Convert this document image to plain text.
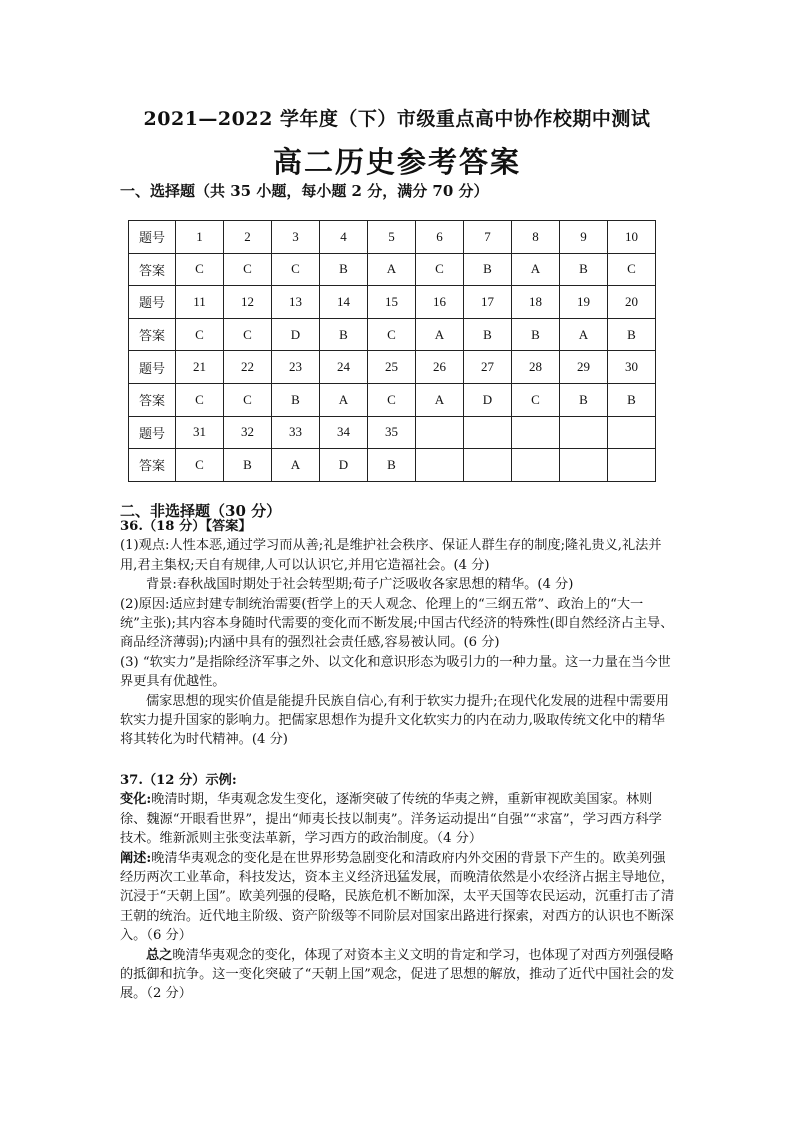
2021—2022 学年度（下）市级重点高中协作校期中测试
高二历史参考答案
一、选择题（共 35 小题，每小题 2 分，满分 70 分）
题号	1	2	3	4	5	6	7	8	9	10
答案	C	C	C	B	A	C	B	A	B	C
题号	11	12	13	14	15	16	17	18	19	20
答案	C	C	D	B	C	A	B	B	A	B
题号	21	22	23	24	25	26	27	28	29	30
答案	C	C	B	A	C	A	D	C	B	B
题号	31	32	33	34	35					
答案	C	B	A	D	B					
二、非选择题（30 分）

36.（18 分）【答案】

(1)观点:人性本恶,通过学习而从善;礼是维护社会秩序、保证人群生存的制度;隆礼贵义,礼法并用,君主集权;天自有规律,人可以认识它,并用它造福社会。(4 分)

背景:春秋战国时期处于社会转型期;荀子广泛吸收各家思想的精华。(4 分)

(2)原因:适应封建专制统治需要(哲学上的天人观念、伦理上的“三纲五常”、政治上的“大一统”主张);其内容本身随时代需要的变化而不断发展;中国古代经济的特殊性(即自然经济占主导、商品经济薄弱);内涵中具有的强烈社会责任感,容易被认同。(6 分)

(3) “软实力”是指除经济军事之外、以文化和意识形态为吸引力的一种力量。这一力量在当今世界更具有优越性。

儒家思想的现实价值是能提升民族自信心,有利于软实力提升;在现代化发展的进程中需要用软实力提升国家的影响力。把儒家思想作为提升文化软实力的内在动力,吸取传统文化中的精华将其转化为时代精神。(4 分)

37.（12 分）示例:

变化:晚清时期，华夷观念发生变化，逐渐突破了传统的华夷之辨，重新审视欧美国家。林则徐、魏源“开眼看世界”，提出“师夷长技以制夷”。洋务运动提出“自强”“求富”，学习西方科学技术。维新派则主张变法革新，学习西方的政治制度。（4 分）

阐述:晚清华夷观念的变化是在世界形势急剧变化和清政府内外交困的背景下产生的。欧美列强经历两次工业革命，科技发达，资本主义经济迅猛发展，而晚清依然是小农经济占据主导地位，沉浸于“天朝上国”。欧美列强的侵略，民族危机不断加深，太平天国等农民运动，沉重打击了清王朝的统治。近代地主阶级、资产阶级等不同阶层对国家出路进行探索，对西方的认识也不断深入。（6 分）

总之晚清华夷观念的变化，体现了对资本主义文明的肯定和学习，也体现了对西方列强侵略的抵御和抗争。这一变化突破了“天朝上国”观念，促进了思想的解放，推动了近代中国社会的发展。（2 分）
